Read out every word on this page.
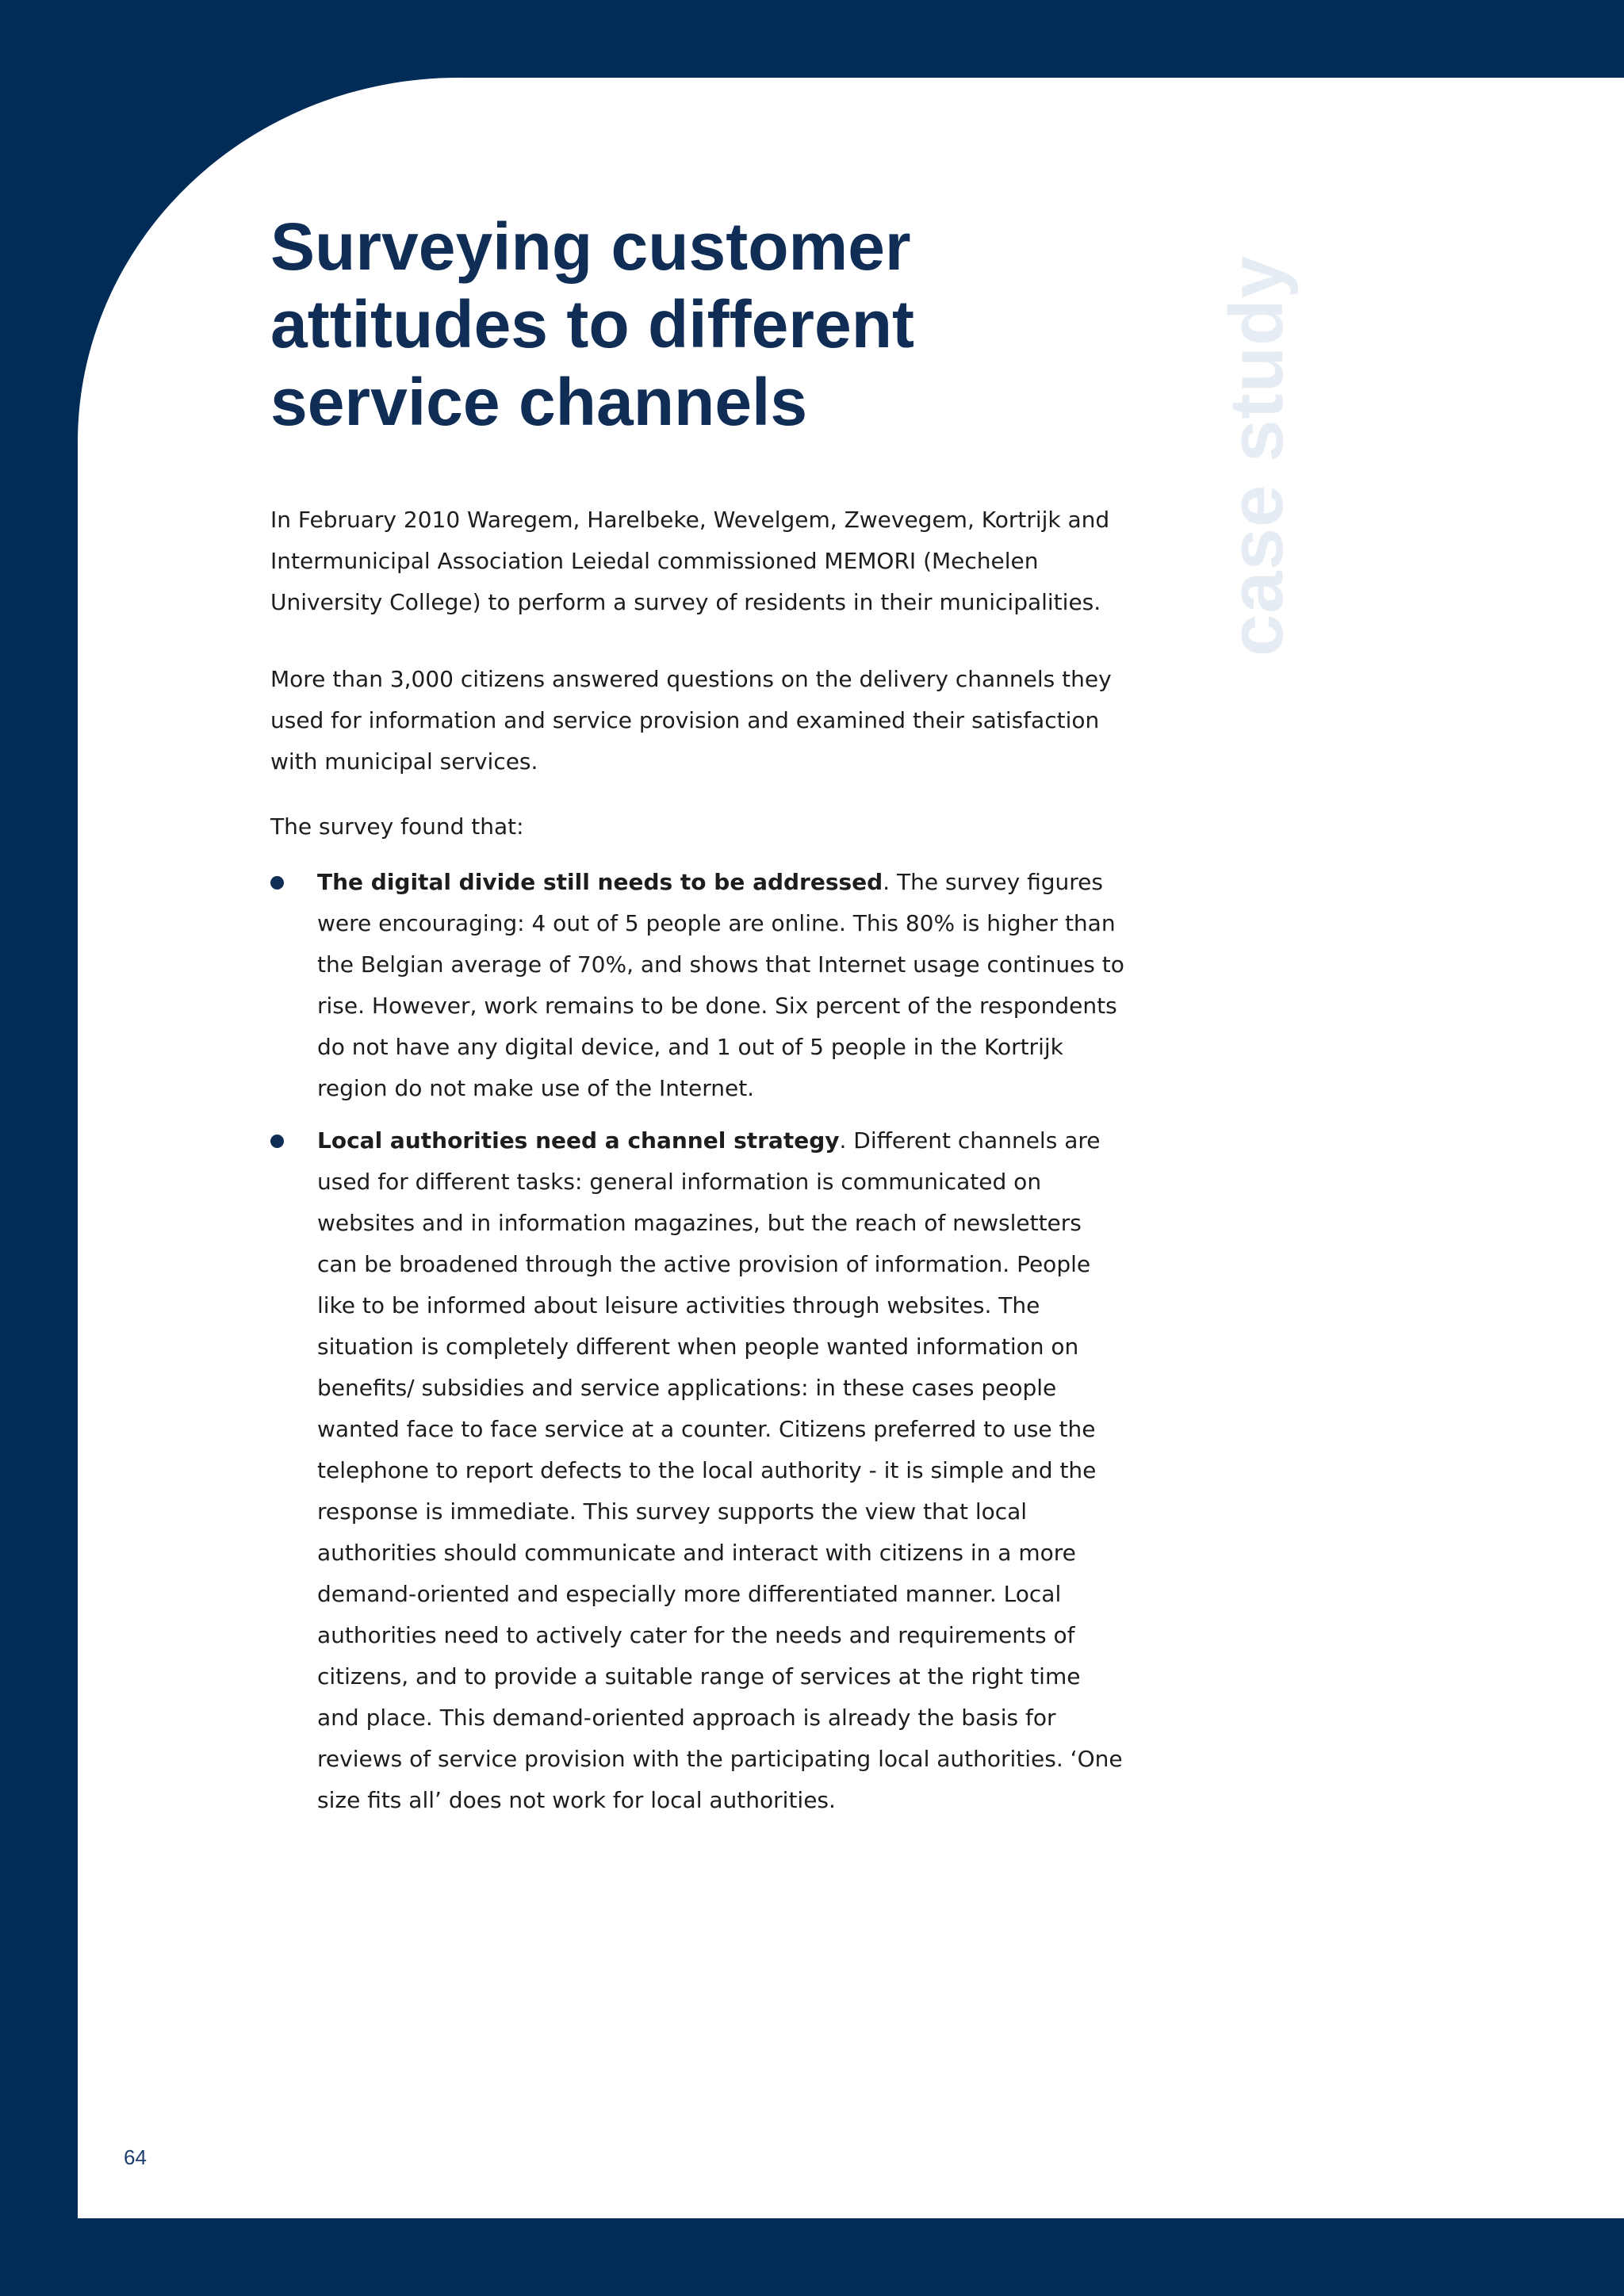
case study
Surveying customer
attitudes to different
service channels

In February 2010 Waregem, Harelbeke, Wevelgem, Zwevegem, Kortrijk and Intermunicipal Association Leiedal commissioned MEMORI (Mechelen University College) to perform a survey of residents in their municipalities.

More than 3,000 citizens answered questions on the delivery channels they used for information and service provision and examined their satisfaction with municipal services.

The survey found that:

The digital divide still needs to be addressed. The survey figures were encouraging: 4 out of 5 people are online. This 80% is higher than the Belgian average of 70%, and shows that Internet usage continues to rise. However, work remains to be done. Six percent of the respondents do not have any digital device, and 1 out of 5 people in the Kortrijk region do not make use of the Internet.
Local authorities need a channel strategy. Different channels are used for different tasks: general information is communicated on websites and in information magazines, but the reach of newsletters can be broadened through the active provision of information. People like to be informed about leisure activities through websites. The situation is completely different when people wanted information on benefits/ subsidies and service applications: in these cases people wanted face to face service at a counter. Citizens preferred to use the telephone to report defects to the local authority - it is simple and the response is immediate. This survey supports the view that local authorities should communicate and interact with citizens in a more demand-oriented and especially more differentiated manner. Local authorities need to actively cater for the needs and requirements of citizens, and to provide a suitable range of services at the right time and place. This demand-oriented approach is already the basis for reviews of service provision with the participating local authorities. ‘One size fits all’ does not work for local authorities.
64
